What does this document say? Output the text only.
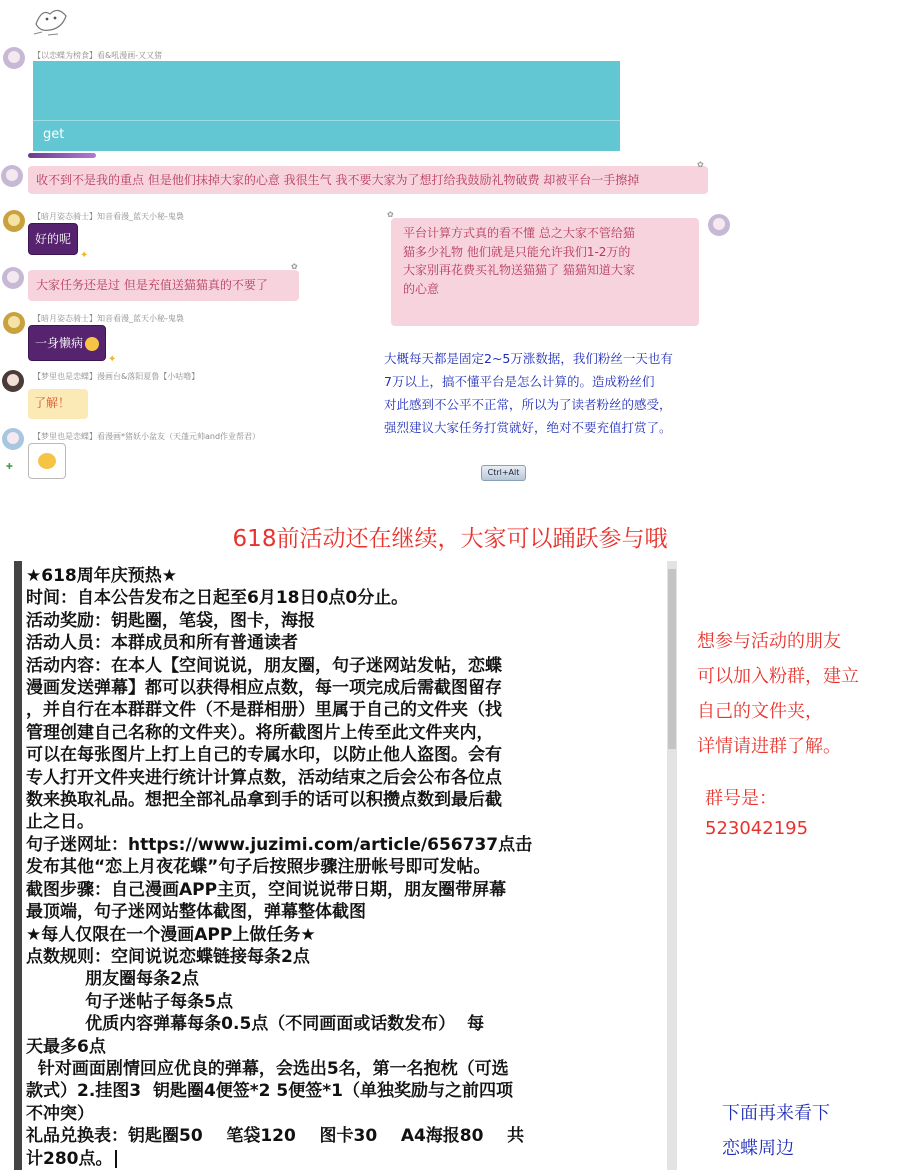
【以恋蝶为榜食】看&吼漫画-又又猪
get
收不到不是我的重点 但是他们抹掉大家的心意 我很生气 我不要大家为了想打给我鼓励礼物破费 却被平台一手擦掉
✿
【暗月姿态骑士】知音看漫_蓝天小秘-鬼裊
好的呢
✦
平台计算方式真的看不懂 总之大家不管给猫
猫多少礼物 他们就是只能允许我们1-2万的
大家别再花费买礼物送猫猫了 猫猫知道大家
的心意
✿
大家任务还是过 但是充值送猫猫真的不要了
✿
【暗月姿态骑士】知音看漫_蓝天小秘-鬼裊
一身懒病
✦
【梦里也是恋蝶】漫画台&落阳夏鲁【小咕噜】
了解！
【梦里也是恋蝶】看漫画*猪妖小盆友（天蓬元帅and作业帮君）
✚

大概每天都是固定2~5万涨数据，我们粉丝一天也有

7万以上，搞不懂平台是怎么计算的。造成粉丝们

对此感到不公平不正常，所以为了读者粉丝的感受，

强烈建议大家任务打赏就好，绝对不要充值打赏了。

Ctrl+Alt
618前活动还在继续，大家可以踊跃参与哦
★618周年庆预热★
时间：自本公告发布之日起至6月18日0点0分止。
活动奖励：钥匙圈，笔袋，图卡，海报
活动人员：本群成员和所有普通读者
活动内容：在本人【空间说说，朋友圈，句子迷网站发帖，恋蝶
漫画发送弹幕】都可以获得相应点数，每一项完成后需截图留存
，并自行在本群群文件（不是群相册）里属于自己的文件夹（找
管理创建自己名称的文件夹）。将所截图片上传至此文件夹内，
可以在每张图片上打上自己的专属水印，以防止他人盗图。会有
专人打开文件夹进行统计计算点数，活动结束之后会公布各位点
数来换取礼品。想把全部礼品拿到手的话可以积攒点数到最后截
止之日。
句子迷网址：https://www.juzimi.com/article/656737点击
发布其他“恋上月夜花蝶”句子后按照步骤注册帐号即可发帖。
截图步骤：自己漫画APP主页，空间说说带日期，朋友圈带屏幕
最顶端，句子迷网站整体截图，弹幕整体截图
★每人仅限在一个漫画APP上做任务★
点数规则：空间说说恋蝶链接每条2点
朋友圈每条2点
句子迷帖子每条5点
优质内容弹幕每条0.5点（不同画面或话数发布）  每
天最多6点
针对画面剧情回应优良的弹幕，会选出5名，第一名抱枕（可选
款式）2.挂图3  钥匙圈4便签*2 5便签*1（单独奖励与之前四项
不冲突）
礼品兑换表：钥匙圈50    笔袋120    图卡30    A4海报80    共
计280点。

想参与活动的朋友

可以加入粉群，建立

自己的文件夹，

详情请进群了解。

群号是：
523042195

下面再来看下

恋蝶周边
